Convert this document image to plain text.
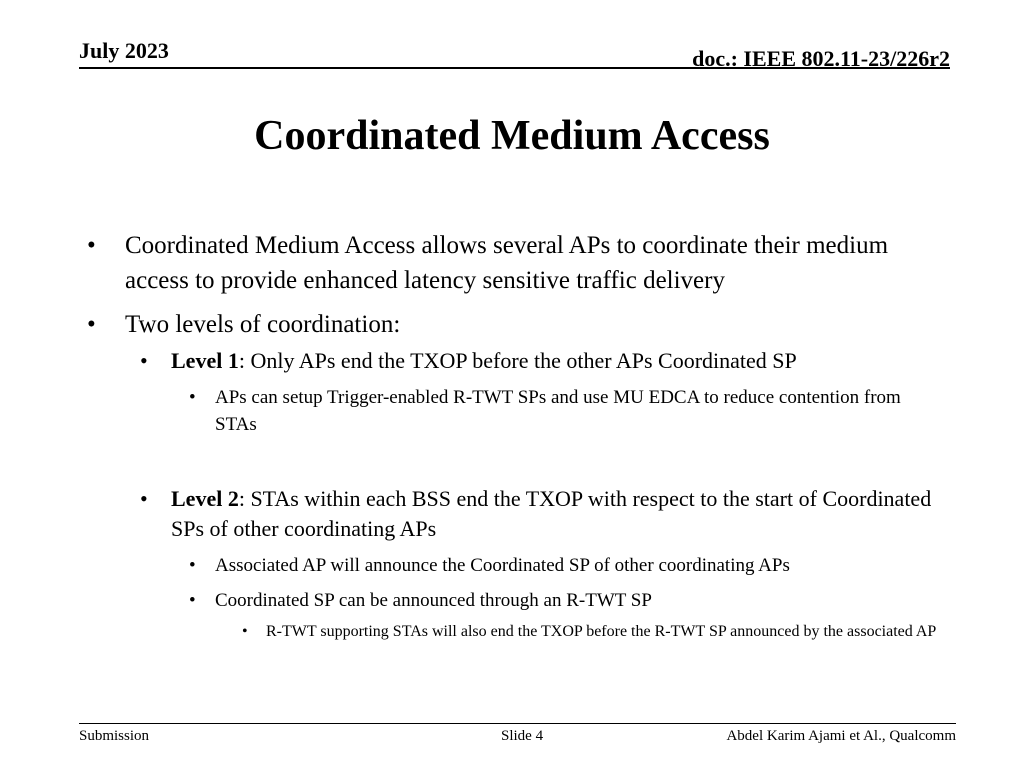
July 2023	doc.: IEEE 802.11-23/226r2
Coordinated Medium Access
• Coordinated Medium Access allows several APs to coordinate their medium access to provide enhanced latency sensitive traffic delivery
• Two levels of coordination:
• Level 1: Only APs end the TXOP before the other APs Coordinated SP
• APs can setup Trigger-enabled R-TWT SPs and use MU EDCA to reduce contention from STAs
• Level 2: STAs within each BSS end the TXOP with respect to the start of Coordinated SPs of other coordinating APs
• Associated AP will announce the Coordinated SP of other coordinating APs
• Coordinated SP can be announced through an R-TWT SP
• R-TWT supporting STAs will also end the TXOP before the R-TWT SP announced by the associated AP
Submission	Slide 4	Abdel Karim Ajami et Al., Qualcomm
